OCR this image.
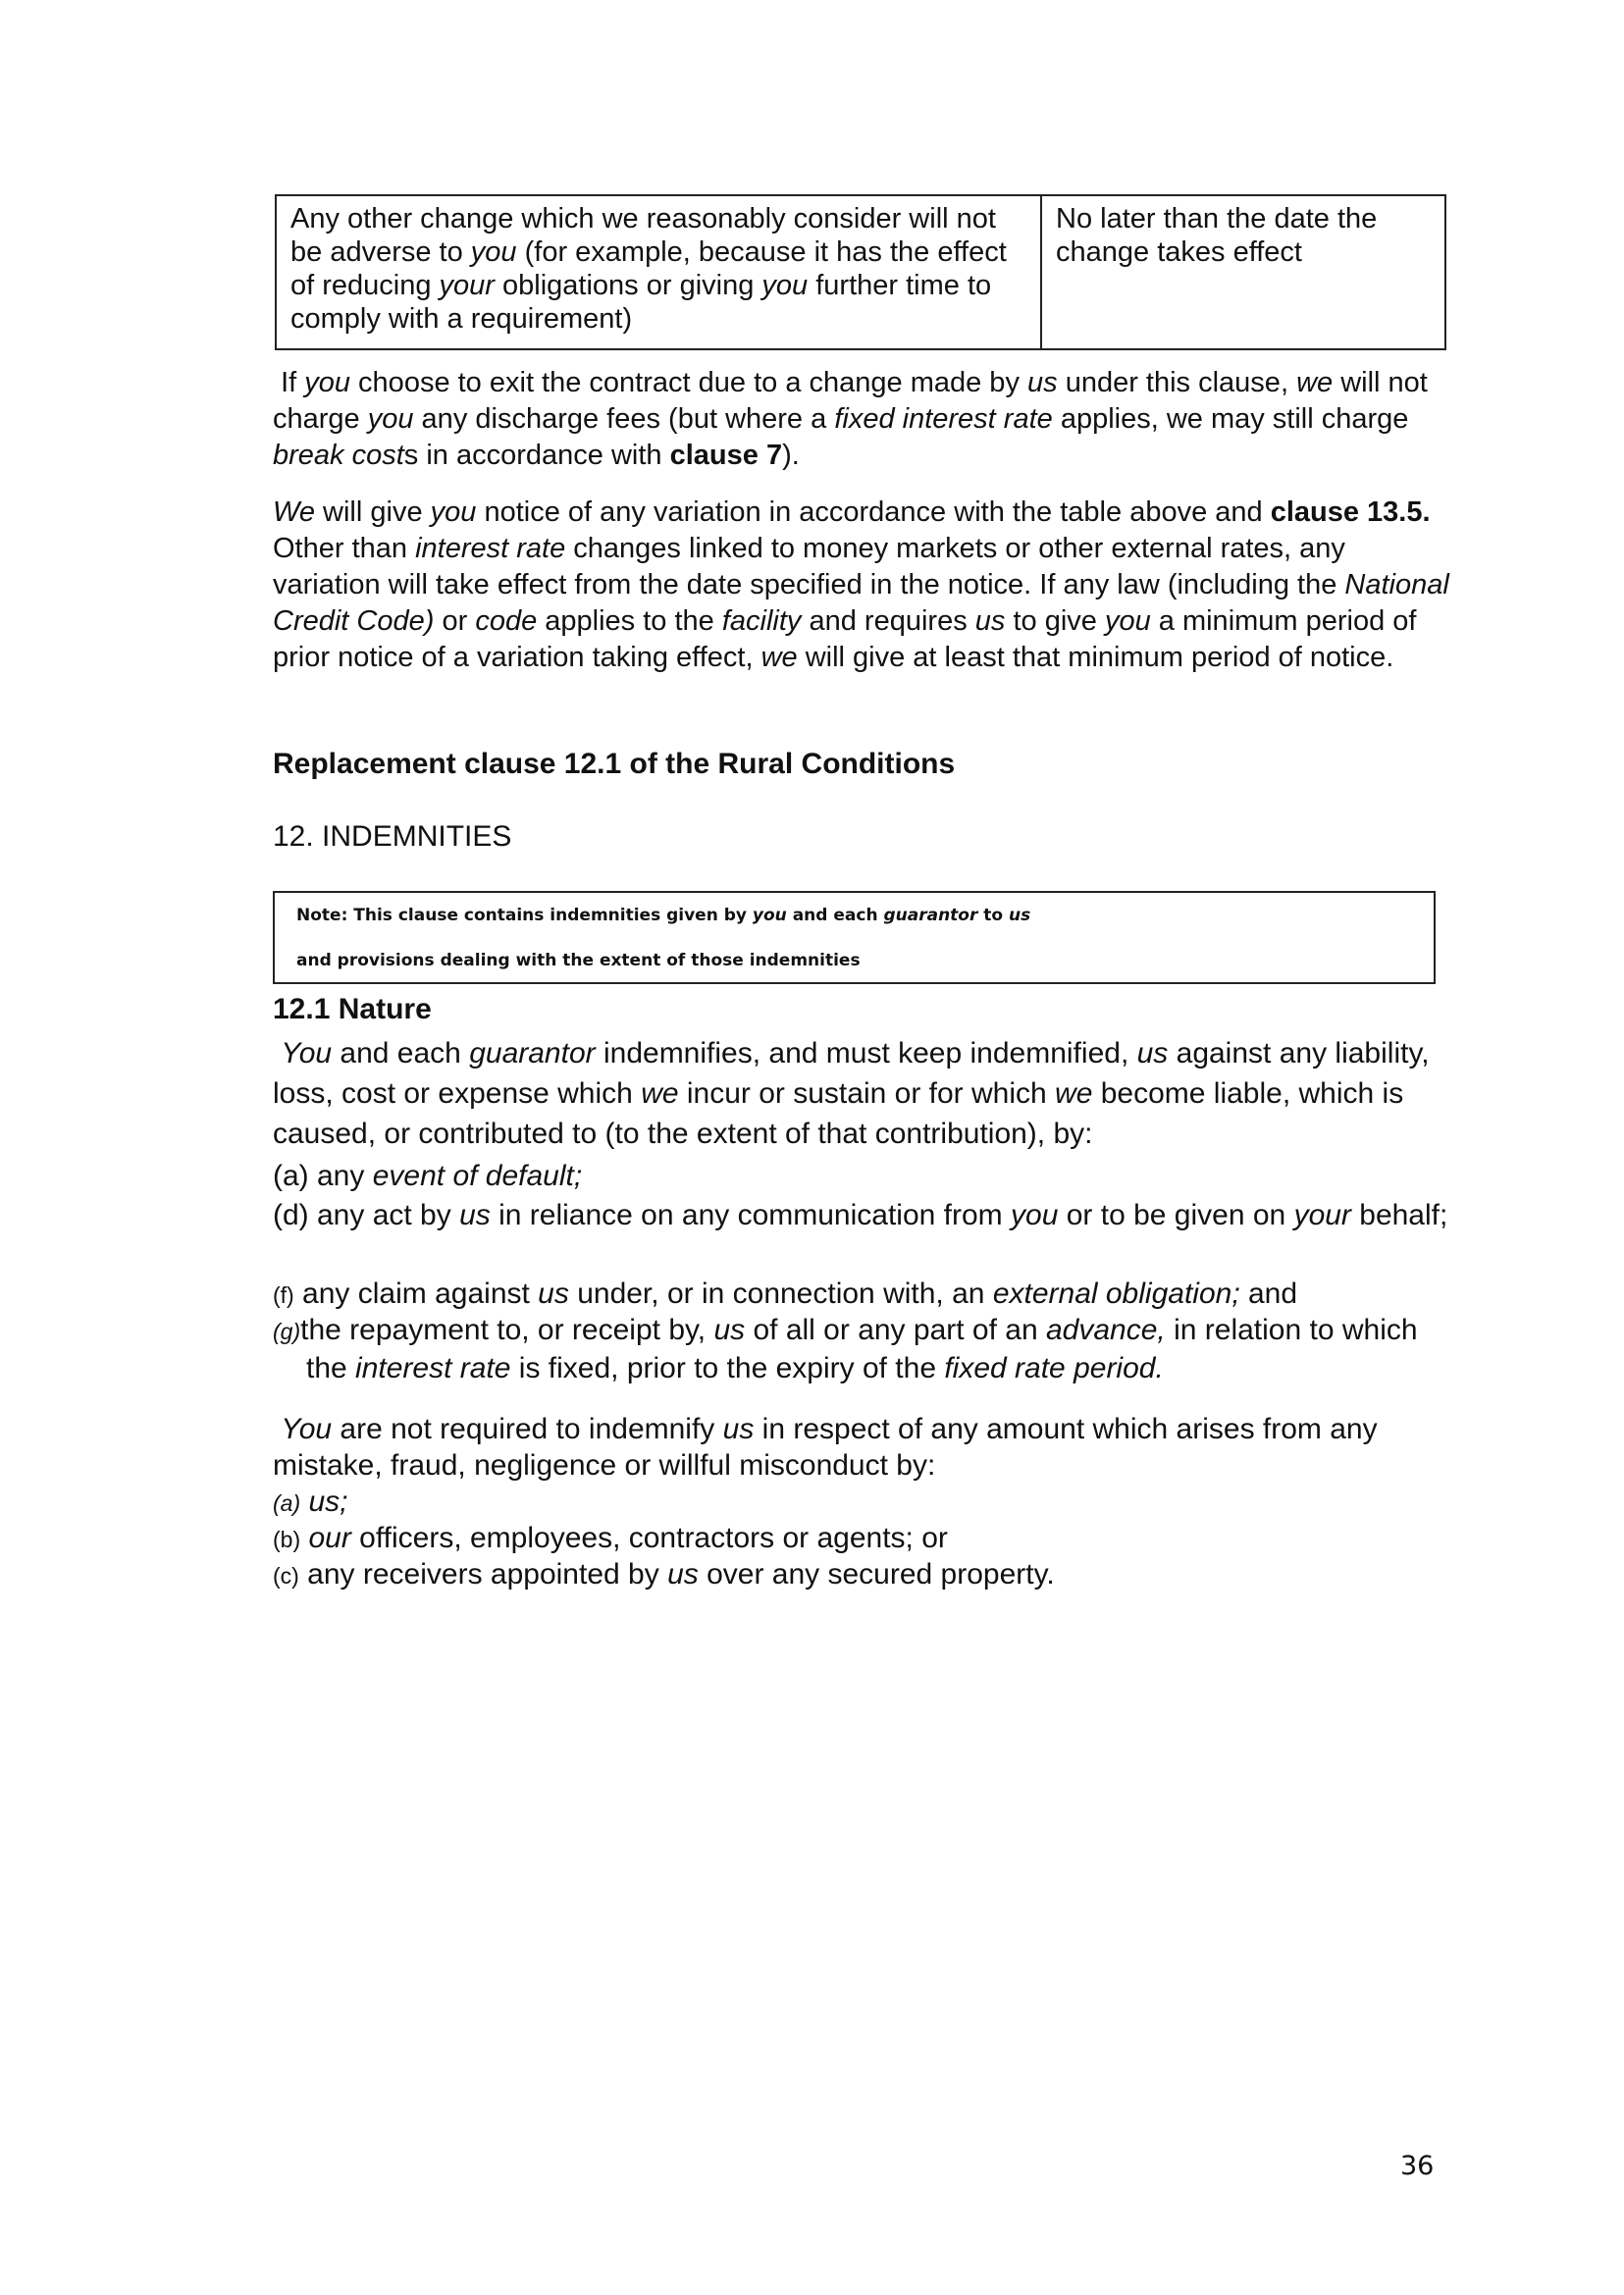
Any other change which we reasonably consider will not be adverse to you (for example, because it has the effect of reducing your obligations or giving you further time to comply with a requirement)	No later than the date the change takes effect

If you choose to exit the contract due to a change made by us under this clause, we will not charge you any discharge fees (but where a fixed interest rate applies, we may still charge break costs in accordance with clause 7).

We will give you notice of any variation in accordance with the table above and clause 13.5. Other than interest rate changes linked to money markets or other external rates, any variation will take effect from the date specified in the notice. If any law (including the National Credit Code) or code applies to the facility and requires us to give you a minimum period of prior notice of a variation taking effect, we will give at least that minimum period of notice.

Replacement clause 12.1 of the Rural Conditions
12. INDEMNITIES
Note: This clause contains indemnities given by you and each guarantor to us
and provisions dealing with the extent of those indemnities
12.1 Nature

You and each guarantor indemnifies, and must keep indemnified, us against any liability, loss, cost or expense which we incur or sustain or for which we become liable, which is caused, or contributed to (to the extent of that contribution), by:

(a) any event of default;

(d) any act by us in reliance on any communication from you or to be given on your behalf;

(f) any claim against us under, or in connection with, an external obligation; and

(g)the repayment to, or receipt by, us of all or any part of an advance, in relation to which the interest rate is fixed, prior to the expiry of the fixed rate period.

You are not required to indemnify us in respect of any amount which arises from any mistake, fraud, negligence or willful misconduct by:

(a) us;

(b) our officers, employees, contractors or agents; or

(c) any receivers appointed by us over any secured property.

36
